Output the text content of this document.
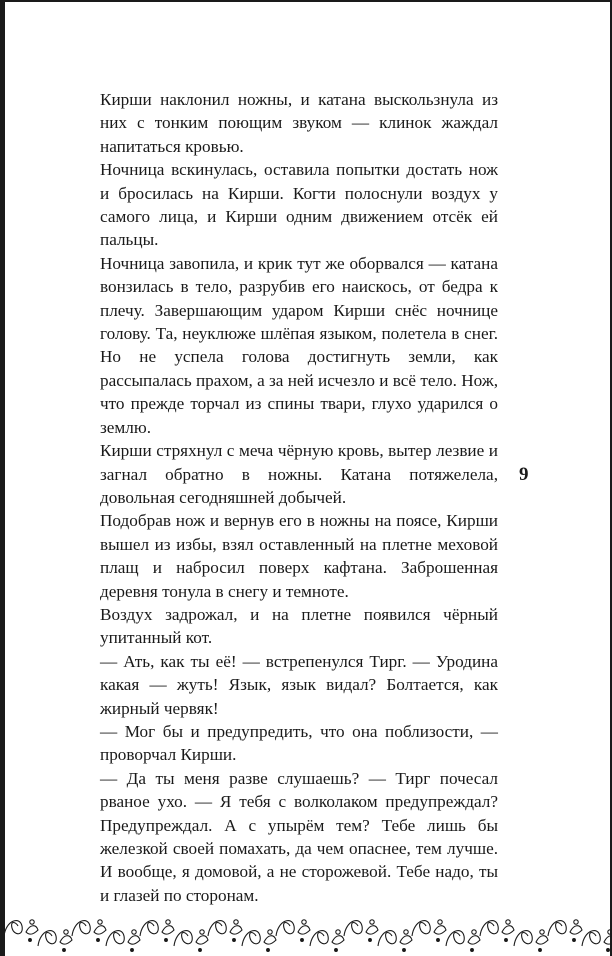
Кирши наклонил ножны, и катана выскользнула из них с тонким поющим звуком — клинок жаждал напитаться кровью.

Ночница вскинулась, оставила попытки достать нож и бросилась на Кирши. Когти полоснули воздух у самого лица, и Кирши одним движением отсёк ей пальцы.

Ночница завопила, и крик тут же оборвался — катана вонзилась в тело, разрубив его наискось, от бедра к плечу. Завершающим ударом Кирши снёс ночнице голову. Та, неуклюже шлёпая языком, полетела в снег. Но не успела голова достигнуть земли, как рассыпалась прахом, а за ней исчезло и всё тело. Нож, что прежде торчал из спины твари, глухо ударился о землю.

Кирши стряхнул с меча чёрную кровь, вытер лезвие и загнал обратно в ножны. Катана потяжелела, довольная сегодняшней добычей.

Подобрав нож и вернув его в ножны на поясе, Кирши вышел из избы, взял оставленный на плетне меховой плащ и набросил поверх кафтана. Заброшенная деревня тонула в снегу и темноте.

Воздух задрожал, и на плетне появился чёрный упитанный кот.

— Ать, как ты её! — встрепенулся Тирг. — Уродина какая — жуть! Язык, язык видал? Болтается, как жирный червяк!

— Мог бы и предупредить, что она поблизости, — проворчал Кирши.

— Да ты меня разве слушаешь? — Тирг почесал рваное ухо. — Я тебя с волколаком предупреждал? Предупреждал. А с упырём тем? Тебе лишь бы железкой своей помахать, да чем опаснее, тем лучше. И вообще, я домовой, а не сторожевой. Тебе надо, ты и глазей по сторонам.

9
